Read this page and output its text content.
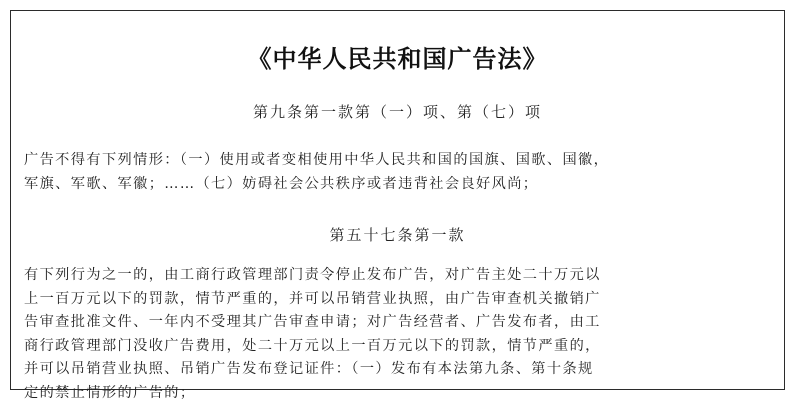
《中华人民共和国广告法》
第九条第一款第（一）项、第（七）项
广告不得有下列情形：（一）使用或者变相使用中华人民共和国的国旗、国歌、国徽，
军旗、军歌、军徽；……（七）妨碍社会公共秩序或者违背社会良好风尚；
第五十七条第一款
有下列行为之一的，由工商行政管理部门责令停止发布广告，对广告主处二十万元以
上一百万元以下的罚款，情节严重的，并可以吊销营业执照，由广告审查机关撤销广
告审查批准文件、一年内不受理其广告审查申请；对广告经营者、广告发布者，由工
商行政管理部门没收广告费用，处二十万元以上一百万元以下的罚款，情节严重的，
并可以吊销营业执照、吊销广告发布登记证件：（一）发布有本法第九条、第十条规
定的禁止情形的广告的；
